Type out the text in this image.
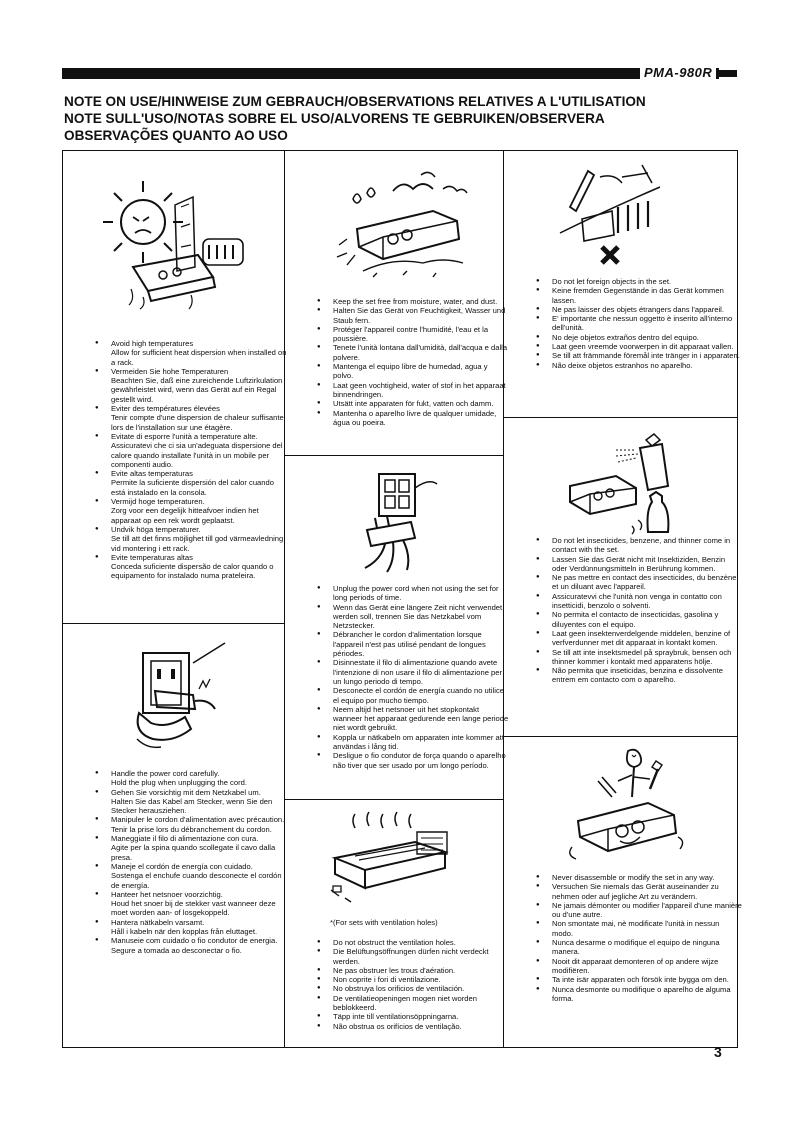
PMA-980R
NOTE ON USE/HINWEISE ZUM GEBRAUCH/OBSERVATIONS RELATIVES A L'UTILISATION
NOTE SULL'USO/NOTAS SOBRE EL USO/ALVORENS TE GEBRUIKEN/OBSERVERA
OBSERVAÇÕES QUANTO AO USO
● Avoid high temperatures
Allow for sufficient heat dispersion when installed on a rack.
● Vermeiden Sie hohe Temperaturen
Beachten Sie, daß eine zureichende Luftzirkulation gewährleistet wird, wenn das Gerät auf ein Regal gestellt wird.
● Eviter des températures élevées
Tenir compte d'une dispersion de chaleur suffisante lors de l'installation sur une étagère.
● Evitate di esporre l'unità a temperature alte.
Assicuratevi che ci sia un'adeguata dispersione del calore quando installate l'unità in un mobile per componenti audio.
● Evite altas temperaturas
Permite la suficiente dispersión del calor cuando está instalado en la consola.
● Vermijd hoge temperaturen.
Zorg voor een degelijk hitteafvoer indien het apparaat op een rek wordt geplaatst.
● Undvik höga temperaturer.
Se till att det finns möjlighet till god värmeavledning vid montering i ett rack.
● Evite temperaturas altas
Conceda suficiente dispersão de calor quando o equipamento for instalado numa prateleira.
● Handle the power cord carefully.
Hold the plug when unplugging the cord.
● Gehen Sie vorsichtig mit dem Netzkabel um.
Halten Sie das Kabel am Stecker, wenn Sie den Stecker herausziehen.
● Manipuler le cordon d'alimentation avec précaution.
Tenir la prise lors du débranchement du cordon.
● Maneggiate il filo di alimentazione con cura.
Agite per la spina quando scollegate il cavo dalla presa.
● Maneje el cordón de energía con cuidado.
Sostenga el enchufe cuando desconecte el cordón de energía.
● Hanteer het netsnoer voorzichtig.
Houd het snoer bij de stekker vast wanneer deze moet worden aan- of losgekoppeld.
● Hantera nätkabeln varsamt.
Håll i kabeln när den kopplas från eluttaget.
● Manuseie com cuidado o fio condutor de energia.
Segure a tomada ao desconectar o fio.
● Keep the set free from moisture, water, and dust.
● Halten Sie das Gerät von Feuchtigkeit, Wasser und Staub fern.
● Protéger l'appareil contre l'humidité, l'eau et la poussière.
● Tenete l'unità lontana dall'umidità, dall'acqua e dalla polvere.
● Mantenga el equipo libre de humedad, agua y polvo.
● Laat geen vochtigheid, water of stof in het apparaat binnendringen.
● Utsätt inte apparaten för fukt, vatten och damm.
● Mantenha o aparelho livre de qualquer umidade, água ou poeira.
● Unplug the power cord when not using the set for long periods of time.
● Wenn das Gerät eine längere Zeit nicht verwendet werden soll, trennen Sie das Netzkabel vom Netzstecker.
● Débrancher le cordon d'alimentation lorsque l'appareil n'est pas utilisé pendant de longues périodes.
● Disinnestate il filo di alimentazione quando avete l'intenzione di non usare il filo di alimentazione per un lungo periodo di tempo.
● Desconecte el cordón de energía cuando no utilice el equipo por mucho tiempo.
● Neem altijd het netsnoer uit het stopkontakt wanneer het apparaat gedurende een lange periode niet wordt gebruikt.
● Koppla ur nätkabeln om apparaten inte kommer att användas i lång tid.
● Desligue o fio condutor de força quando o aparelho não tiver que ser usado por um longo período.
*(For sets with ventilation holes)
● Do not obstruct the ventilation holes.
● Die Belüftungsöffnungen dürfen nicht verdeckt werden.
● Ne pas obstruer les trous d'aération.
● Non coprite i fori di ventilazione.
● No obstruya los orificios de ventilación.
● De ventilatieopeningen mogen niet worden beblokkeerd.
● Täpp inte till ventilationsöppningarna.
● Não obstrua os orifícios de ventilação.
● Do not let foreign objects in the set.
● Keine fremden Gegenstände in das Gerät kommen lassen.
● Ne pas laisser des objets étrangers dans l'appareil.
● E' importante che nessun oggetto è inserito all'interno dell'unità.
● No deje objetos extraños dentro del equipo.
● Laat geen vreemde voorwerpen in dit apparaat vallen.
● Se till att främmande föremål inte tränger in i apparaten.
● Não deixe objetos estranhos no aparelho.
● Do not let insecticides, benzene, and thinner come in contact with the set.
● Lassen Sie das Gerät nicht mit Insektiziden, Benzin oder Verdünnungsmitteln in Berührung kommen.
● Ne pas mettre en contact des insecticides, du benzène et un diluant avec l'appareil.
● Assicuratevvi che l'unità non venga in contatto con insetticidi, benzolo o solventi.
● No permita el contacto de insecticidas, gasolina y diluyentes con el equipo.
● Laat geen insektenverdelgende middelen, benzine of verfverdunner met dit apparaat in kontakt komen.
● Se till att inte insektsmedel på spraybruk, bensen och thinner kommer i kontakt med apparatens hölje.
● Não permita que inseticidas, benzina e dissolvente entrem em contacto com o aparelho.
● Never disassemble or modify the set in any way.
● Versuchen Sie niemals das Gerät auseinander zu nehmen oder auf jegliche Art zu verändern.
● Ne jamais démonter ou modifier l'appareil d'une manière ou d'une autre.
● Non smontate mai, nè modificate l'unità in nessun modo.
● Nunca desarme o modifique el equipo de ninguna manera.
● Nooit dit apparaat demonteren of op andere wijze modifiëren.
● Ta inte isär apparaten och försök inte bygga om den.
● Nunca desmonte ou modifique o aparelho de alguma forma.
3
